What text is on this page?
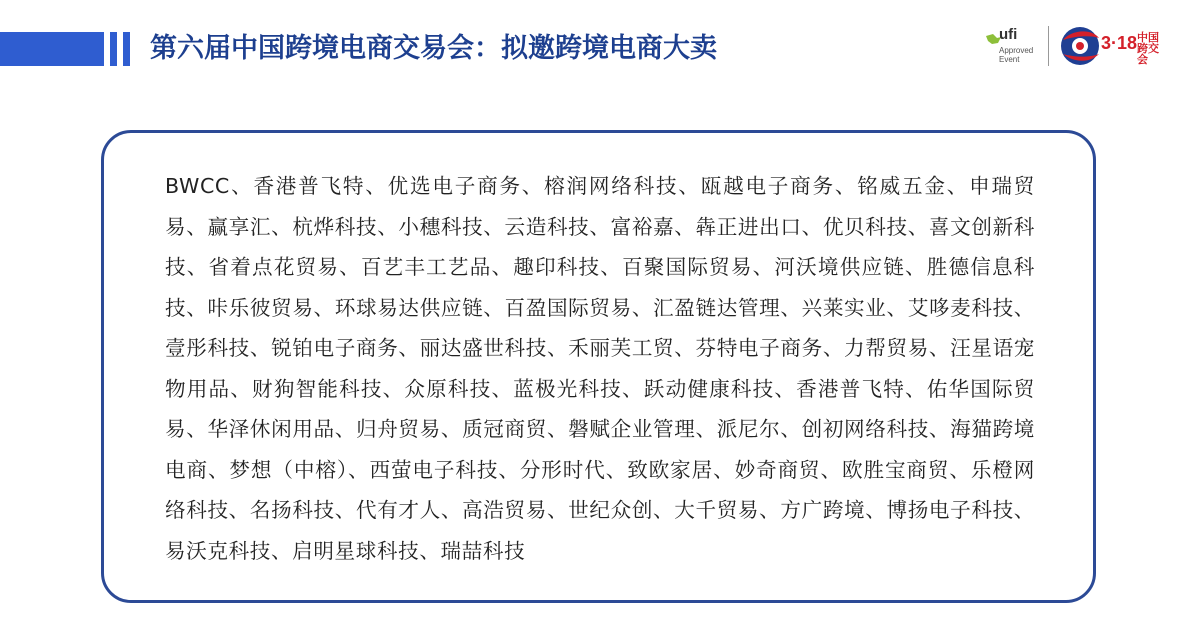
第六届中国跨境电商交易会：拟邀跨境电商大卖	ufi
Approved
Event
3·18 中国跨交会
BWCC、香港普飞特、优选电子商务、榕润网络科技、瓯越电子商务、铭威五金、申瑞贸易、赢享汇、杭烨科技、小穗科技、云造科技、富裕嘉、犇正进出口、优贝科技、喜文创新科技、省着点花贸易、百艺丰工艺品、趣印科技、百聚国际贸易、河沃境供应链、胜德信息科技、咔乐彼贸易、环球易达供应链、百盈国际贸易、汇盈链达管理、兴莱实业、艾哆麦科技、壹彤科技、锐铂电子商务、丽达盛世科技、禾丽芙工贸、芬特电子商务、力帮贸易、汪星语宠物用品、财狗智能科技、众原科技、蓝极光科技、跃动健康科技、香港普飞特、佑华国际贸易、华泽休闲用品、归舟贸易、质冠商贸、磐赋企业管理、派尼尔、创初网络科技、海猫跨境电商、梦想（中榕）、西萤电子科技、分形时代、致欧家居、妙奇商贸、欧胜宝商贸、乐橙网络科技、名扬科技、代有才人、高浩贸易、世纪众创、大千贸易、方广跨境、博扬电子科技、易沃克科技、启明星球科技、瑞喆科技
